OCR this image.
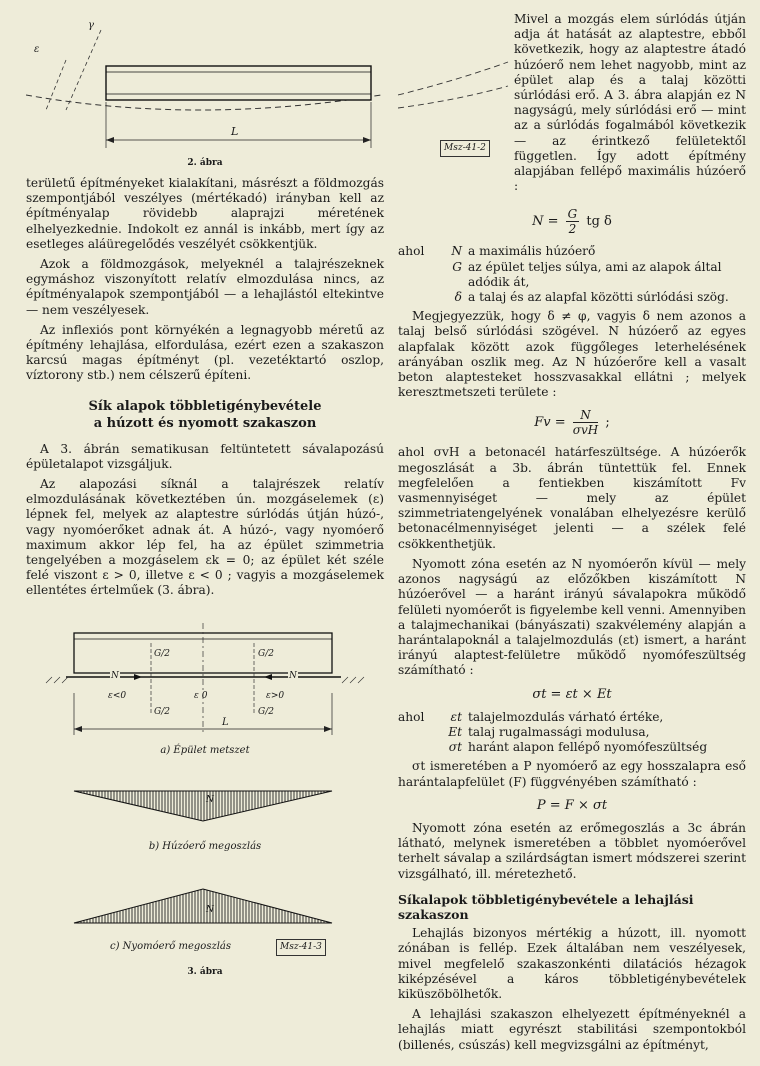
ε
γ
L
2. ábra

területű építményeket kialakítani, másrészt a földmozgás szempontjából veszélyes (mértékadó) irányban kell az építményalap rövidebb alaprajzi méretének elhelyezkednie. Indokolt ez annál is inkább, mert így az esetleges aláüregelődés veszélyét csökkentjük.

Azok a földmozgások, melyeknél a talajrészeknek egymáshoz viszonyított relatív elmozdulása nincs, az építményalapok szempontjából — a lehajlástól eltekintve — nem veszélyesek.

Az inflexiós pont környékén a legnagyobb méretű az építmény lehajlása, elfordulása, ezért ezen a szakaszon karcsú magas építményt (pl. vezetéktartó oszlop, víztorony stb.) nem célszerű építeni.

Sík alapok többletigénybevétele
a húzott és nyomott szakaszon

A 3. ábrán sematikusan feltüntetett sávalapozású épületalapot vizsgáljuk.

Az alapozási síknál a talajrészek relatív elmozdulásának következtében ún. mozgáselemek (ε) lépnek fel, melyek az alaptestre súrlódás útján húzó-, vagy nyomóerőket adnak át. A húzó-, vagy nyomóerő maximum akkor lép fel, ha az épület szimmetria tengelyében a mozgáselem εk = 0; az épület két széle felé viszont ε > 0, illetve ε < 0 ; vagyis a mozgáselemek ellentétes értelműek (3. ábra).

G/2	G/2
N	N
ε<0	ε 0	ε>0
G/2	G/2
L
a) Épület metszet
N
b) Húzóerő megoszlás
N
c) Nyomóerő megoszlás	Msz-41-3
3. ábra
Msz-41-2

Mivel a mozgás elem súrlódás útján adja át hatását az alaptestre, ebből következik, hogy az alaptestre átadó húzóerő nem lehet nagyobb, mint az épület alap és a talaj közötti súrlódási erő. A 3. ábra alapján ez N nagyságú, mely súrlódási erő — mint az a súrlódás fogalmából következik — az érintkező felületektől független. Így adott építmény alapjában fellépő maximális húzóerő :

$N = \frac{G}{2}$ tg δ
ahol	N a maximális húzóerő
G az épület teljes súlya, ami az alapok által adódik át,
δ a talaj és az alapfal közötti súrlódási szög.

Megjegyezzük, hogy δ ≠ φ, vagyis δ nem azonos a talaj belső súrlódási szögével. N húzóerő az egyes alapfalak között azok függőleges leterhelésének arányában oszlik meg. Az N húzóerőre kell a vasalt beton alaptesteket hosszvasakkal ellátni ; melyek keresztmetszeti területe :

$Fv = \frac{N}{\text{σvH}}$ ;

ahol σvH a betonacél határfeszültsége. A húzóerők megoszlását a 3b. ábrán tüntettük fel. Ennek megfelelően a fentiekben kiszámított Fv vasmennyiséget — mely az épület szimmetriatengelyének vonalában elhelyezésre kerülő betonacélmennyiséget jelenti — a szélek felé csökkenthetjük.

Nyomott zóna esetén az N nyomóerőn kívül — mely azonos nagyságú az előzőkben kiszámított N húzóerővel — a haránt irányú sávalapokra működő felületi nyomóerőt is figyelembe kell venni. Amennyiben a talajmechanikai (bányászati) szakvélemény alapján a harántalapoknál a talajelmozdulás (εt) ismert, a haránt irányú alaptest-felületre működő nyomófeszültség számítható :

σt = εt × Et
ahol	εt talajelmozdulás várható értéke,
Et talaj rugalmassági modulusa,
σt haránt alapon fellépő nyomófeszültség

σt ismeretében a P nyomóerő az egy hosszalapra eső harántalapfelület (F) függvényében számítható :

P = F × σt

Nyomott zóna esetén az erőmegoszlás a 3c ábrán látható, melynek ismeretében a többlet nyomóerővel terhelt sávalap a szilárdságtan ismert módszerei szerint vizsgálható, ill. méretezhető.

Síkalapok többletigénybevétele a lehajlási szakaszon

Lehajlás bizonyos mértékig a húzott, ill. nyomott zónában is fellép. Ezek általában nem veszélyesek, mivel megfelelő szakaszonkénti dilatációs hézagok kiképzésével a káros többletigénybevételek kiküszöbölhetők.

A lehajlási szakaszon elhelyezett építményeknél a lehajlás miatt egyrészt stabilitási szempontokból (billenés, csúszás) kell megvizsgálni az építményt,
